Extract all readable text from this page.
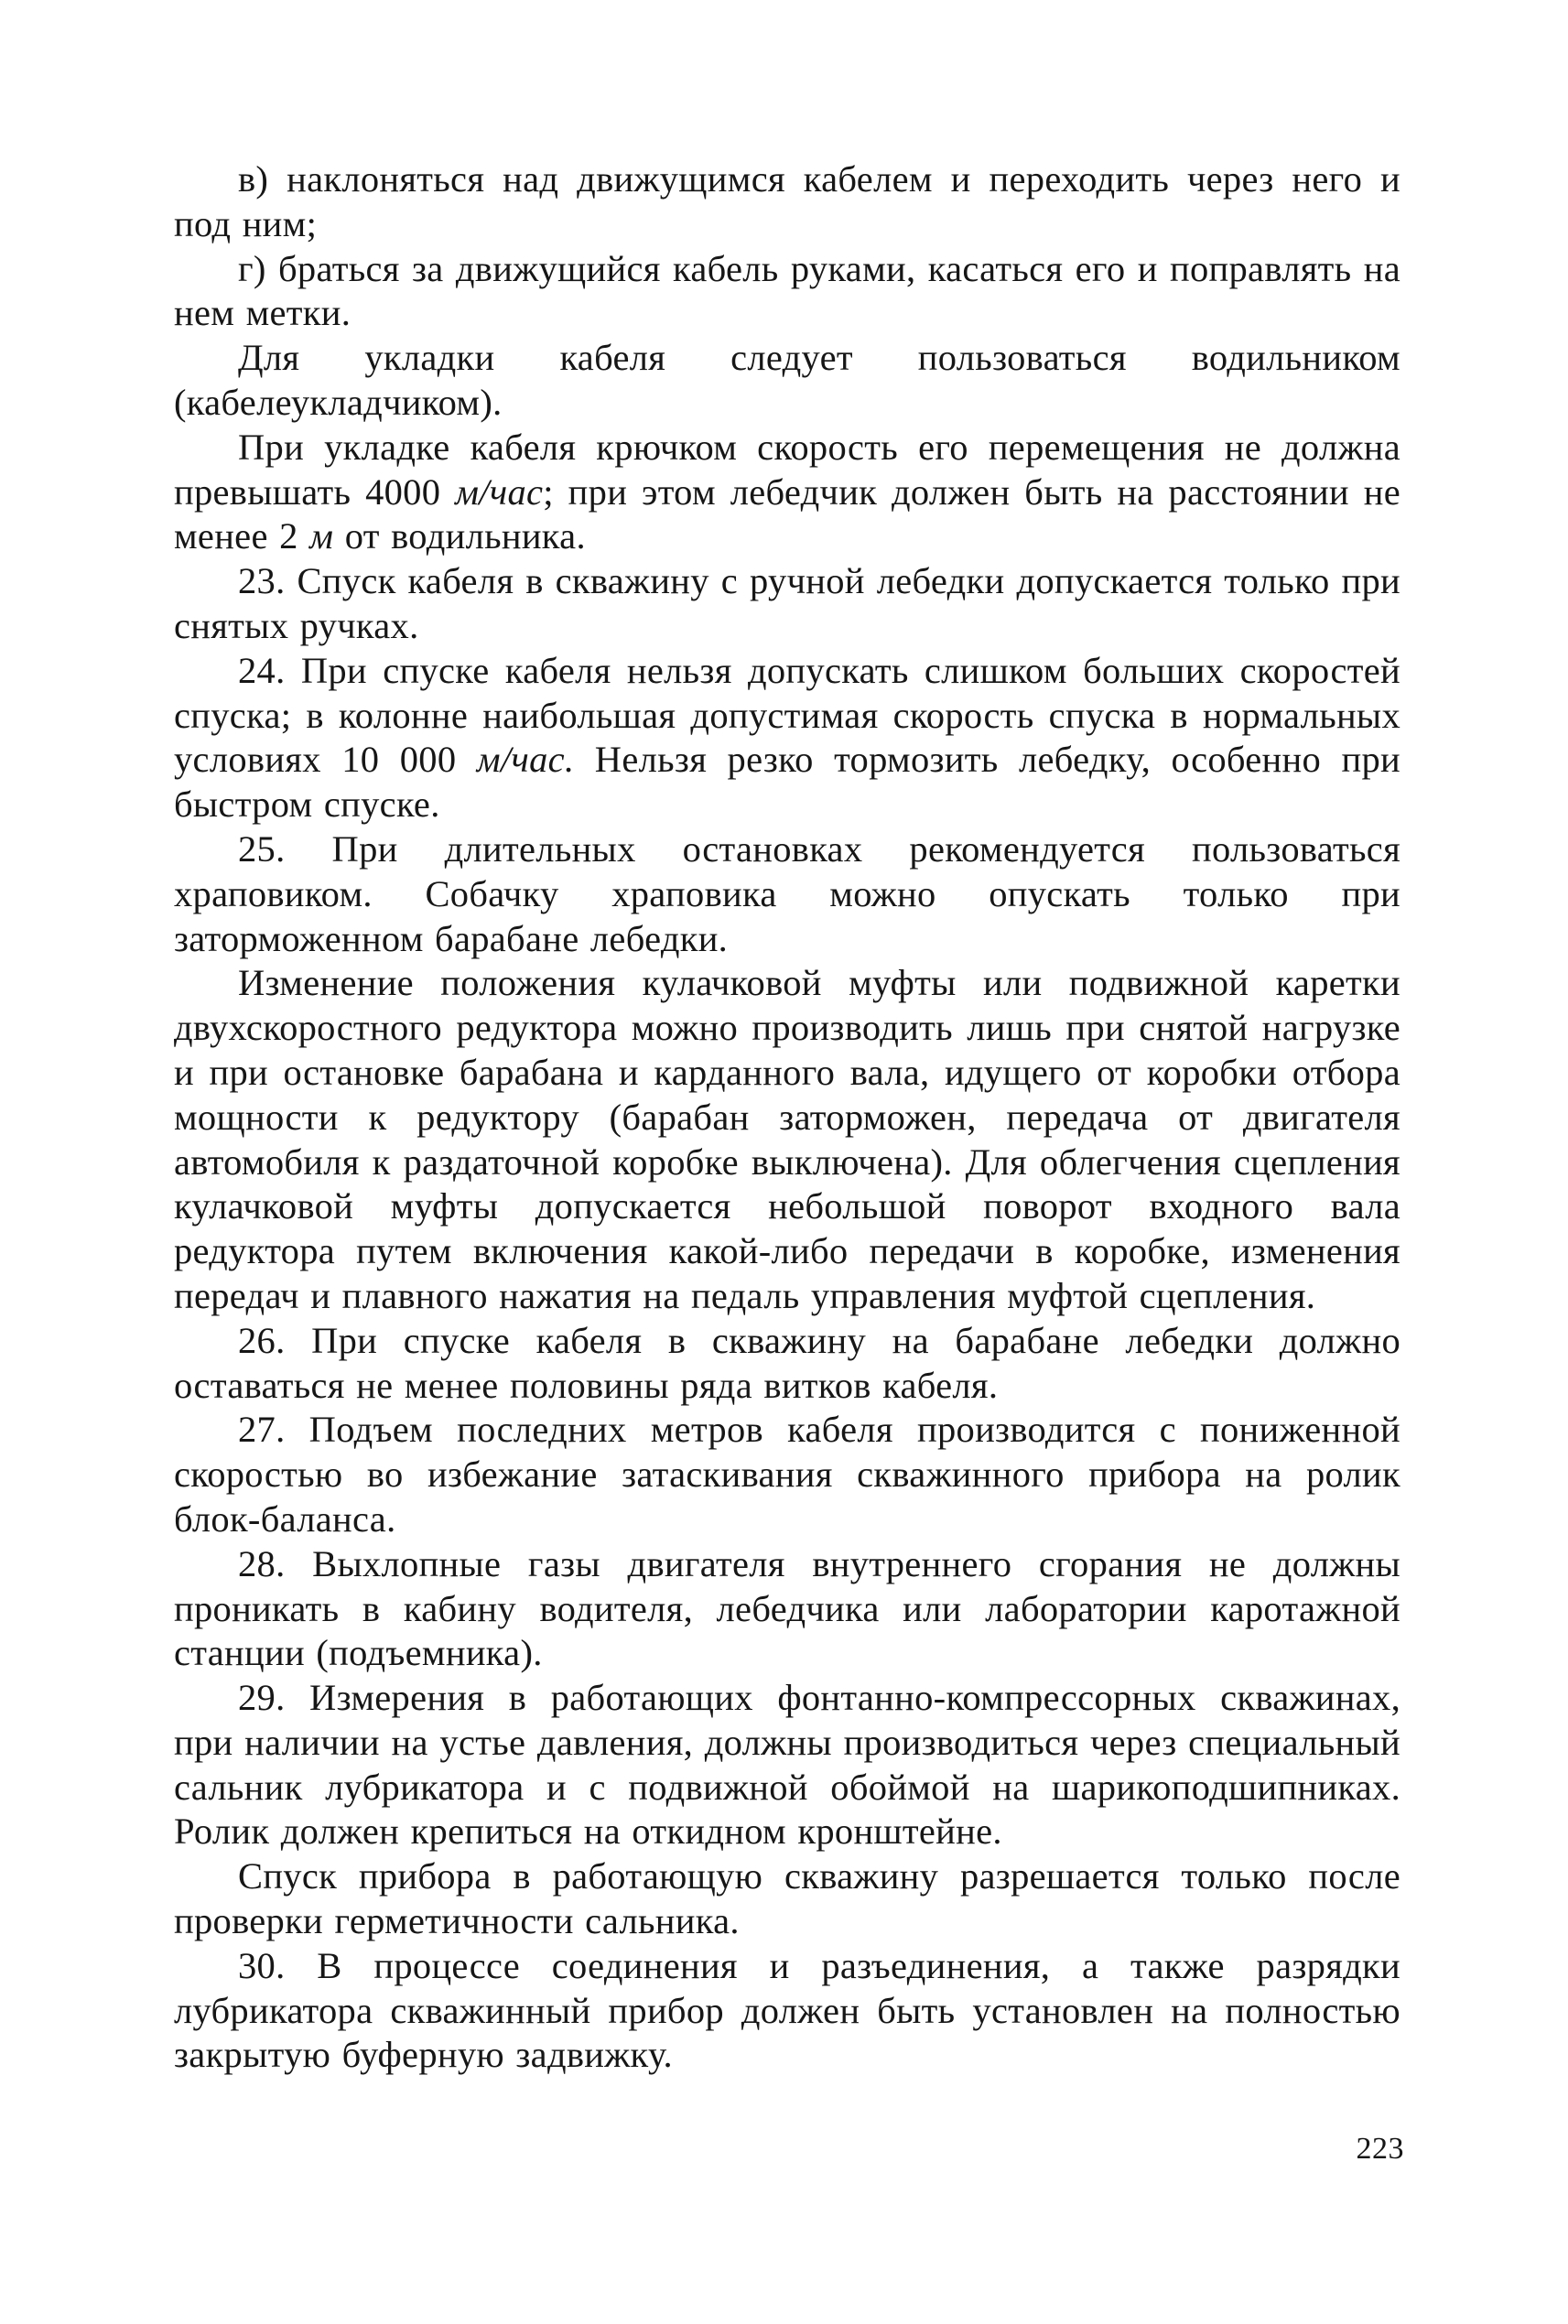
в) наклоняться над движущимся кабелем и переходить через него и под ним;

г) браться за движущийся кабель руками, касаться его и поправлять на нем метки.

Для укладки кабеля следует пользоваться водильником (кабелеукладчиком).

При укладке кабеля крючком скорость его перемещения не должна превышать 4000 м/час; при этом лебедчик должен быть на расстоянии не менее 2 м от водильника.

23. Спуск кабеля в скважину с ручной лебедки допускается только при снятых ручках.

24. При спуске кабеля нельзя допускать слишком больших скоростей спуска; в колонне наибольшая допустимая скорость спуска в нормальных условиях 10 000 м/час. Нельзя резко тормозить лебедку, особенно при быстром спуске.

25. При длительных остановках рекомендуется пользоваться храповиком. Собачку храповика можно опускать только при заторможенном барабане лебедки.

Изменение положения кулачковой муфты или подвижной каретки двухскоростного редуктора можно производить лишь при снятой нагрузке и при остановке барабана и карданного вала, идущего от коробки отбора мощности к редуктору (барабан заторможен, передача от двигателя автомобиля к раздаточной коробке выключена). Для облегчения сцепления кулачковой муфты допускается небольшой поворот входного вала редуктора путем включения какой-либо передачи в коробке, изменения передач и плавного нажатия на педаль управления муфтой сцепления.

26. При спуске кабеля в скважину на барабане лебедки должно оставаться не менее половины ряда витков кабеля.

27. Подъем последних метров кабеля производится с пониженной скоростью во избежание затаскивания скважинного прибора на ролик блок-баланса.

28. Выхлопные газы двигателя внутреннего сгорания не должны проникать в кабину водителя, лебедчика или лаборатории каротажной станции (подъемника).

29. Измерения в работающих фонтанно-компрессорных скважинах, при наличии на устье давления, должны производиться через специальный сальник лубрикатора и с подвижной обоймой на шарикоподшипниках. Ролик должен крепиться на откидном кронштейне.

Спуск прибора в работающую скважину разрешается только после проверки герметичности сальника.

30. В процессе соединения и разъединения, а также разрядки лубрикатора скважинный прибор должен быть установлен на полностью закрытую буферную задвижку.

223
